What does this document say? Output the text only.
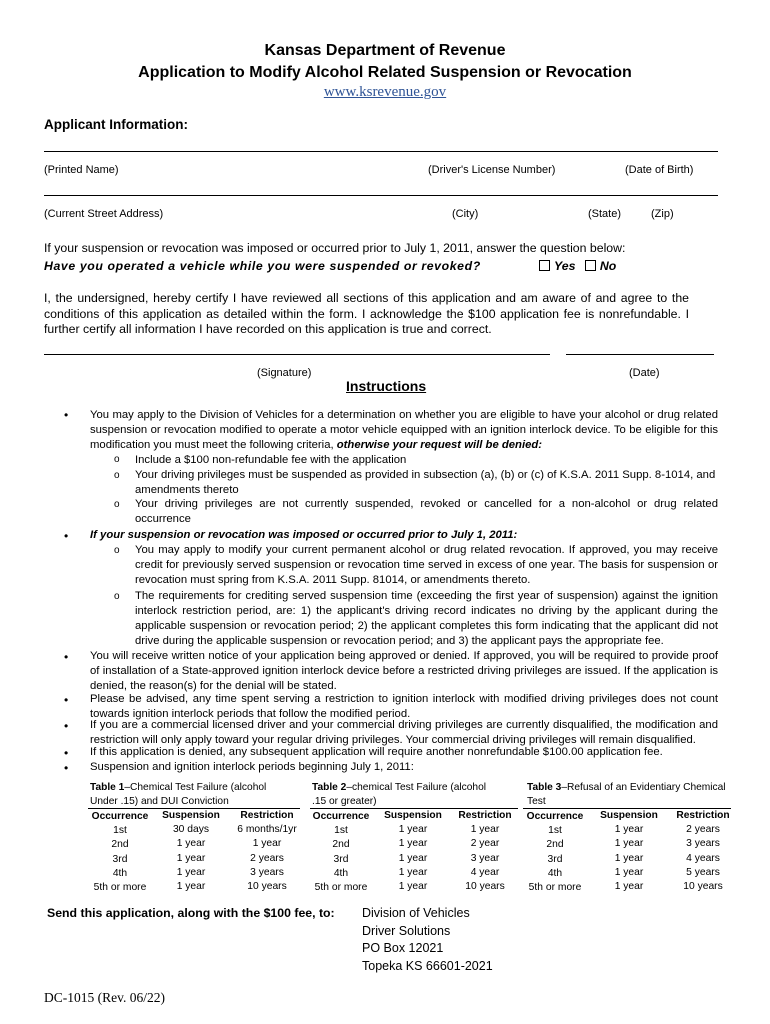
Kansas Department of Revenue
Application to Modify Alcohol Related Suspension or Revocation
www.ksrevenue.gov
Applicant Information:
(Printed Name)	(Driver's License Number)	(Date of Birth)
(Current Street Address)	(City)	(State)	(Zip)
If your suspension or revocation was imposed or occurred prior to July 1, 2011, answer the question below:
Have you operated a vehicle while you were suspended or revoked?	Yes No
I, the undersigned, hereby certify I have reviewed all sections of this application and am aware of and agree to the conditions of this application as detailed within the form. I acknowledge the $100 application fee is nonrefundable. I further certify all information I have recorded on this application is true and correct.
(Signature)	(Date)
Instructions
• You may apply to the Division of Vehicles for a determination on whether you are eligible to have your alcohol or drug related suspension or revocation modified to operate a motor vehicle equipped with an ignition interlock device. To be eligible for this modification you must meet the following criteria, otherwise your request will be denied:
o Include a $100 non-refundable fee with the application
o Your driving privileges must be suspended as provided in subsection (a), (b) or (c) of K.S.A. 2011 Supp. 8-1014, and amendments thereto
o Your driving privileges are not currently suspended, revoked or cancelled for a non-alcohol or drug related occurrence
• If your suspension or revocation was imposed or occurred prior to July 1, 2011:
o You may apply to modify your current permanent alcohol or drug related revocation. If approved, you may receive credit for previously served suspension or revocation time served in excess of one year. The basis for suspension or revocation must spring from K.S.A. 2011 Supp. 81014, or amendments thereto.
o The requirements for crediting served suspension time (exceeding the first year of suspension) against the ignition interlock restriction period, are: 1) the applicant's driving record indicates no driving by the applicant during the applicable suspension or revocation period; 2) the applicant completes this form indicating that the applicant did not drive during the applicable suspension or revocation period; and 3) the applicant pays the appropriate fee.
• You will receive written notice of your application being approved or denied. If approved, you will be required to provide proof of installation of a State-approved ignition interlock device before a restricted driving privileges are issued. If the application is denied, the reason(s) for the denial will be stated.
• Please be advised, any time spent serving a restriction to ignition interlock with modified driving privileges does not count towards ignition interlock periods that follow the modified period.
• If you are a commercial licensed driver and your commercial driving privileges are currently disqualified, the modification and restriction will only apply toward your regular driving privileges. Your commercial driving privileges will remain disqualified.
• If this application is denied, any subsequent application will require another nonrefundable $100.00 application fee.
• Suspension and ignition interlock periods beginning July 1, 2011:
Table 1–Chemical Test Failure (alcohol
Under .15) and DUI Conviction
Occurrence	Suspension	Restriction
Table 2–chemical Test Failure (alcohol
.15 or greater)
Occurrence	Suspension	Restriction
Table 3–Refusal of an Evidentiary Chemical
Test
Occurrence	Suspension	Restriction
1st	30 days	6 months/1yr
2nd	1 year	1 year
3rd	1 year	2 years
4th	1 year	3 years
5th or more	1 year	10 years
1st	1 year	1 year
2nd	1 year	2 year
3rd	1 year	3 year
4th	1 year	4 year
5th or more	1 year	10 years
1st	1 year	2 years
2nd	1 year	3 years
3rd	1 year	4 years
4th	1 year	5 years
5th or more	1 year	10 years
Send this application, along with the $100 fee, to: Division of Vehicles
Driver Solutions
PO Box 12021
Topeka KS 66601-2021
DC-1015 (Rev. 06/22)
